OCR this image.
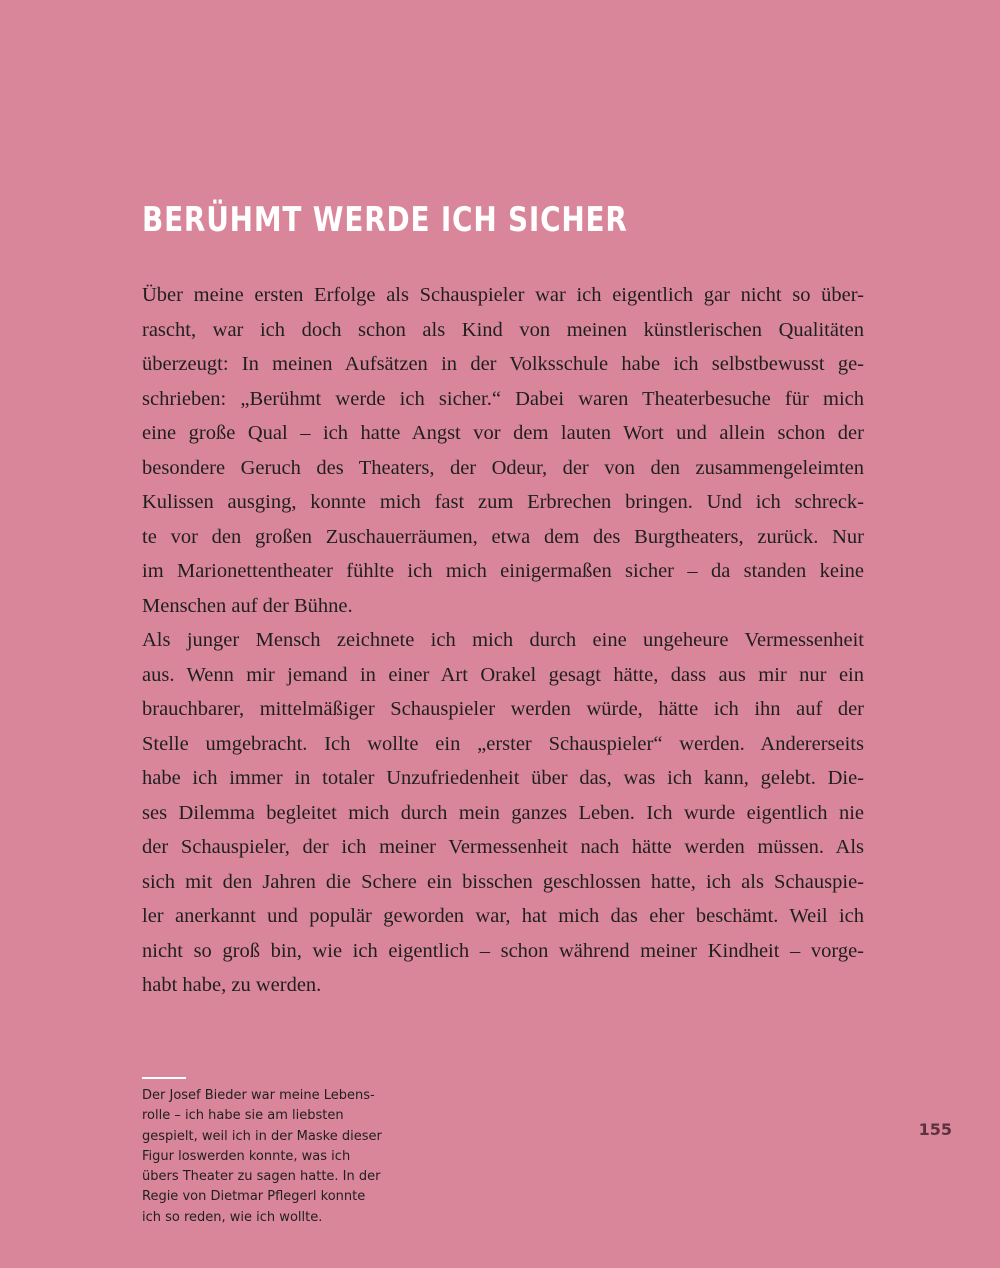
BERÜHMT WERDE ICH SICHER
Über meine ersten Erfolge als Schauspieler war ich eigentlich gar nicht so über-
rascht, war ich doch schon als Kind von meinen künstlerischen Qualitäten
überzeugt: In meinen Aufsätzen in der Volksschule habe ich selbstbewusst ge-
schrieben: „Berühmt werde ich sicher.“ Dabei waren Theaterbesuche für mich
eine große Qual – ich hatte Angst vor dem lauten Wort und allein schon der
besondere Geruch des Theaters, der Odeur, der von den zusammengeleimten
Kulissen ausging, konnte mich fast zum Erbrechen bringen. Und ich schreck-
te vor den großen Zuschauerräumen, etwa dem des Burgtheaters, zurück. Nur
im Marionettentheater fühlte ich mich einigermaßen sicher – da standen keine
Menschen auf der Bühne.
Als junger Mensch zeichnete ich mich durch eine ungeheure Vermessenheit
aus. Wenn mir jemand in einer Art Orakel gesagt hätte, dass aus mir nur ein
brauchbarer, mittelmäßiger Schauspieler werden würde, hätte ich ihn auf der
Stelle umgebracht. Ich wollte ein „erster Schauspieler“ werden. Andererseits
habe ich immer in totaler Unzufriedenheit über das, was ich kann, gelebt. Die-
ses Dilemma begleitet mich durch mein ganzes Leben. Ich wurde eigentlich nie
der Schauspieler, der ich meiner Vermessenheit nach hätte werden müssen. Als
sich mit den Jahren die Schere ein bisschen geschlossen hatte, ich als Schauspie-
ler anerkannt und populär geworden war, hat mich das eher beschämt. Weil ich
nicht so groß bin, wie ich eigentlich – schon während meiner Kindheit – vorge-
habt habe, zu werden.
Der Josef Bieder war meine Lebens-
rolle – ich habe sie am liebsten
gespielt, weil ich in der Maske dieser
Figur loswerden konnte, was ich
übers Theater zu sagen hatte. In der
Regie von Dietmar Pflegerl konnte
ich so reden, wie ich wollte.
155
